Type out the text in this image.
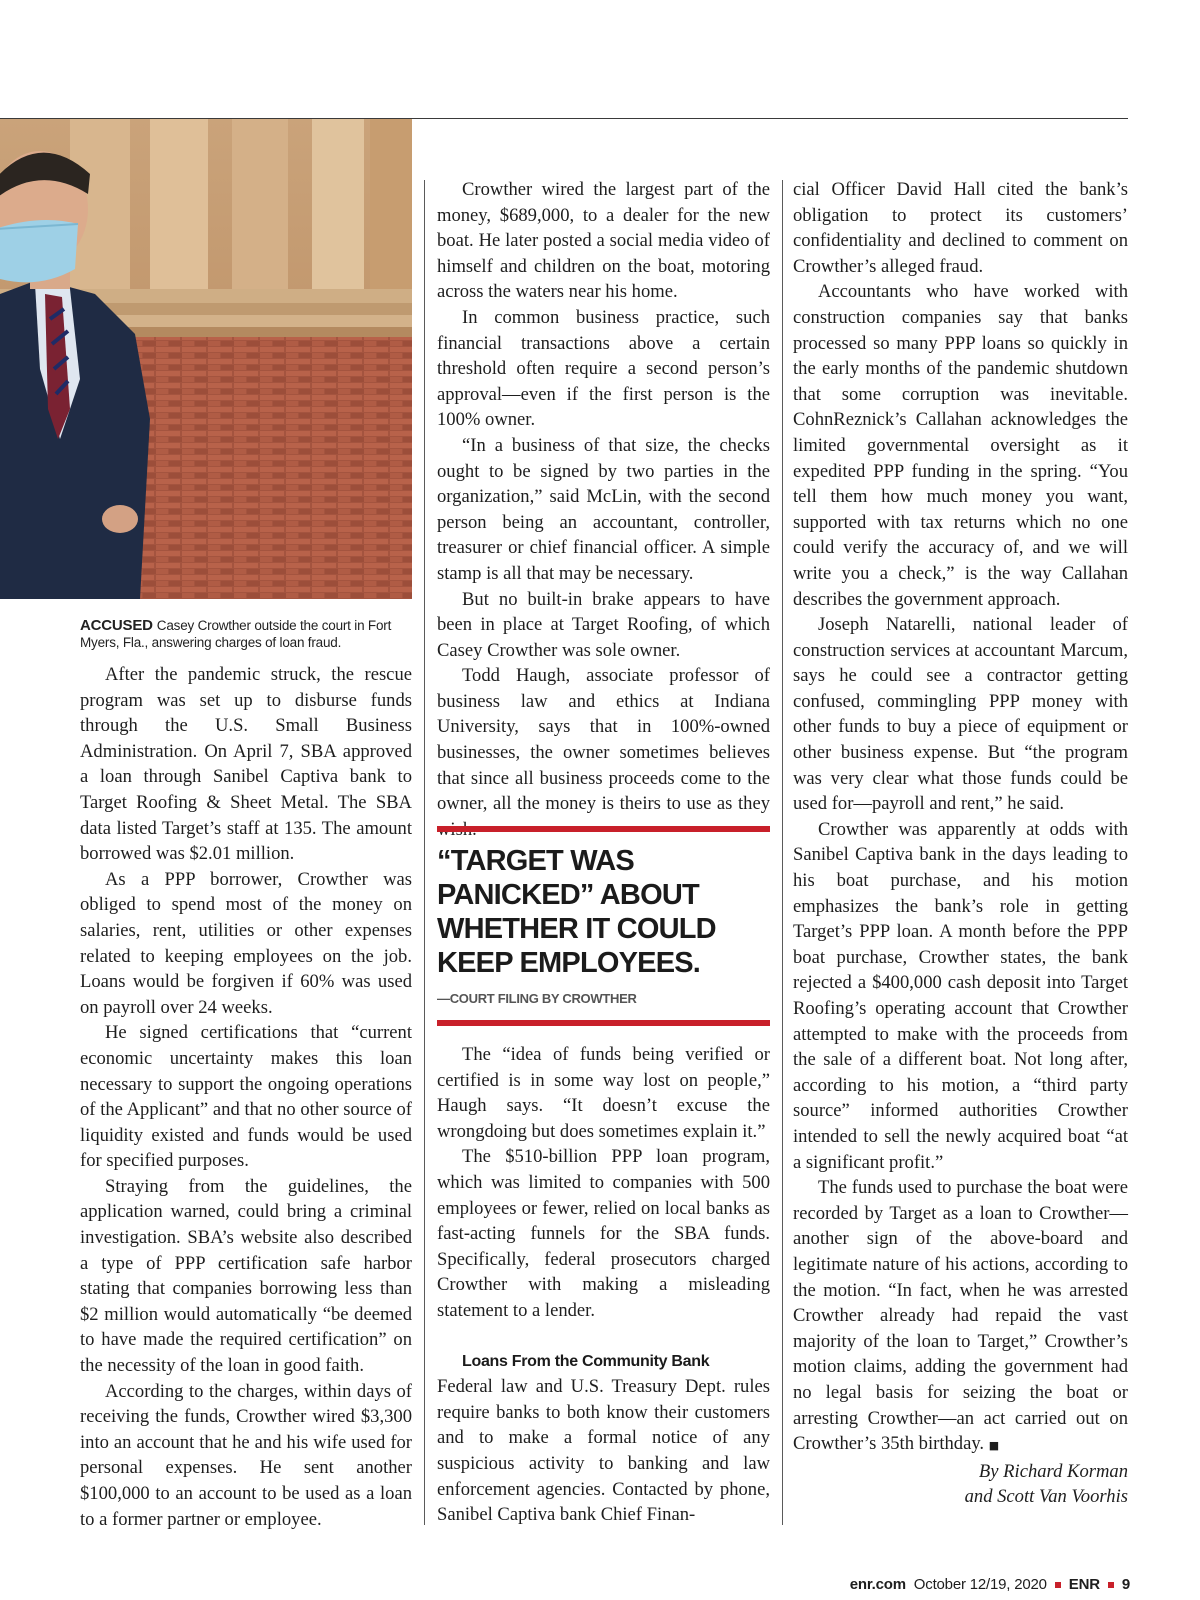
ACCUSED Casey Crowther outside the court in Fort Myers, Fla., answering charges of loan fraud.

After the pandemic struck, the rescue program was set up to disburse funds through the U.S. Small Business Administration. On April 7, SBA approved a loan through Sanibel Captiva bank to Target Roofing & Sheet Metal. The SBA data listed Target’s staff at 135. The amount borrowed was $2.01 million.

As a PPP borrower, Crowther was obliged to spend most of the money on salaries, rent, utilities or other expenses related to keeping employees on the job. Loans would be forgiven if 60% was used on payroll over 24 weeks.

He signed certifications that “current economic uncertainty makes this loan necessary to support the ongoing operations of the Applicant” and that no other source of liquidity existed and funds would be used for specified purposes.

Straying from the guidelines, the application warned, could bring a criminal investigation. SBA’s website also described a type of PPP certification safe harbor stating that companies borrowing less than $2 million would automatically “be deemed to have made the required certification” on the necessity of the loan in good faith.

According to the charges, within days of receiving the funds, Crowther wired $3,300 into an account that he and his wife used for personal expenses. He sent another $100,000 to an account to be used as a loan to a former partner or employee.

Crowther wired the largest part of the money, $689,000, to a dealer for the new boat. He later posted a social media video of himself and children on the boat, motoring across the waters near his home.

In common business practice, such financial transactions above a certain threshold often require a second person’s approval—even if the first person is the 100% owner.

“In a business of that size, the checks ought to be signed by two parties in the organization,” said McLin, with the second person being an accountant, controller, treasurer or chief financial officer. A simple stamp is all that may be necessary.

But no built-in brake appears to have been in place at Target Roofing, of which Casey Crowther was sole owner.

Todd Haugh, associate professor of business law and ethics at Indiana University, says that in 100%-owned businesses, the owner sometimes believes that since all business proceeds come to the owner, all the money is theirs to use as they

“TARGET WAS PANICKED” ABOUT WHETHER IT COULD KEEP EMPLOYEES.
—COURT FILING BY CROWTHER

The “idea of funds being verified or certified is in some way lost on people,” Haugh says. “It doesn’t excuse the wrongdoing but does sometimes explain it.”

The $510-billion PPP loan program, which was limited to companies with 500 employees or fewer, relied on local banks as fast-acting funnels for the SBA funds. Specifically, federal prosecutors charged Crowther with making a misleading statement to a lender.

Loans From the Community Bank

Federal law and U.S. Treasury Dept. rules require banks to both know their customers and to make a formal notice of any suspicious activity to banking and law enforcement agencies. Contacted by phone, Sanibel Captiva bank Chief Finan-

cial Officer David Hall cited the bank’s obligation to protect its customers’ confidentiality and declined to comment on Crowther’s alleged fraud.

Accountants who have worked with construction companies say that banks processed so many PPP loans so quickly in the early months of the pandemic shutdown that some corruption was inevitable. CohnReznick’s Callahan acknowledges the limited governmental oversight as it expedited PPP funding in the spring. “You tell them how much money you want, supported with tax returns which no one could verify the accuracy of, and we will write you a check,” is the way Callahan describes the government approach.

Joseph Natarelli, national leader of construction services at accountant Marcum, says he could see a contractor getting confused, commingling PPP money with other funds to buy a piece of equipment or other business expense. But “the program was very clear what those funds could be used for—payroll and rent,” he said.

Crowther was apparently at odds with Sanibel Captiva bank in the days leading to his boat purchase, and his motion emphasizes the bank’s role in getting Target’s PPP loan. A month before the PPP boat purchase, Crowther states, the bank rejected a $400,000 cash deposit into Target Roofing’s operating account that Crowther attempted to make with the proceeds from the sale of a different boat. Not long after, according to his motion, a “third party source” informed authorities Crowther intended to sell the newly acquired boat “at a significant profit.”

The funds used to purchase the boat were recorded by Target as a loan to Crowther—another sign of the above-board and legitimate nature of his actions, according to the motion. “In fact, when he was arrested Crowther already had repaid the vast majority of the loan to Target,” Crowther’s motion claims, adding the government had no legal basis for seizing the boat or arresting Crowther—an act carried out on Crowther’s 35th birthday. ■

By Richard Korman
and Scott Van Voorhis

enr.com October 12/19, 2020 ENR 9
